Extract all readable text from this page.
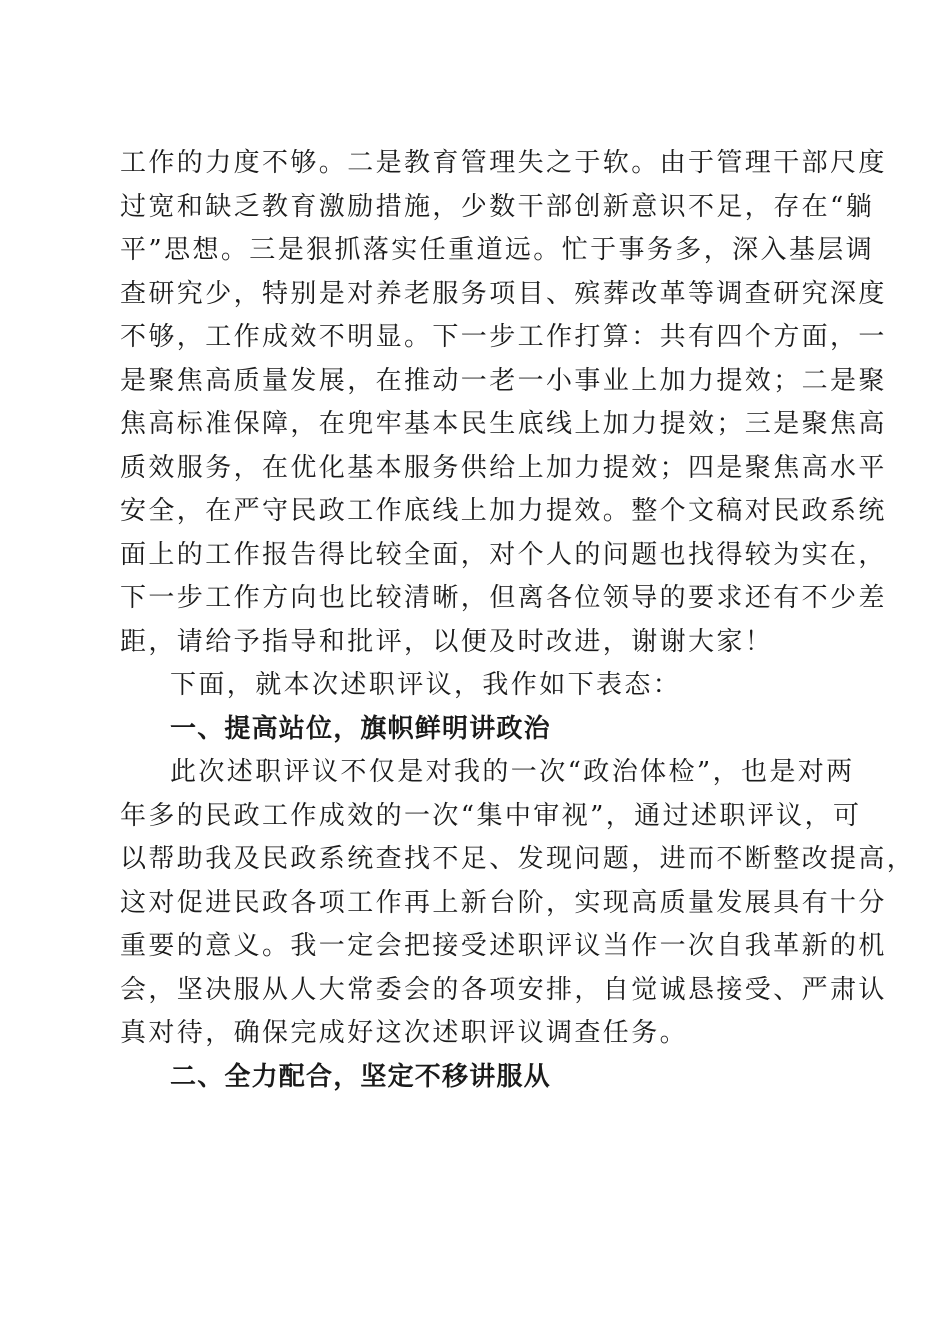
工作的力度不够。二是教育管理失之于软。由于管理干部尺度
过宽和缺乏教育激励措施，少数干部创新意识不足，存在“躺
平”思想。三是狠抓落实任重道远。忙于事务多，深入基层调
查研究少，特别是对养老服务项目、殡葬改革等调查研究深度
不够，工作成效不明显。下一步工作打算：共有四个方面，一
是聚焦高质量发展，在推动一老一小事业上加力提效；二是聚
焦高标准保障，在兜牢基本民生底线上加力提效；三是聚焦高
质效服务，在优化基本服务供给上加力提效；四是聚焦高水平
安全，在严守民政工作底线上加力提效。整个文稿对民政系统
面上的工作报告得比较全面，对个人的问题也找得较为实在，
下一步工作方向也比较清晰，但离各位领导的要求还有不少差
距，请给予指导和批评，以便及时改进，谢谢大家！
下面，就本次述职评议，我作如下表态：
一、提高站位，旗帜鲜明讲政治
此次述职评议不仅是对我的一次“政治体检”，也是对两
年多的民政工作成效的一次“集中审视”，通过述职评议，可
以帮助我及民政系统查找不足、发现问题，进而不断整改提高，
这对促进民政各项工作再上新台阶，实现高质量发展具有十分
重要的意义。我一定会把接受述职评议当作一次自我革新的机
会，坚决服从人大常委会的各项安排，自觉诚恳接受、严肃认
真对待，确保完成好这次述职评议调查任务。
二、全力配合，坚定不移讲服从
